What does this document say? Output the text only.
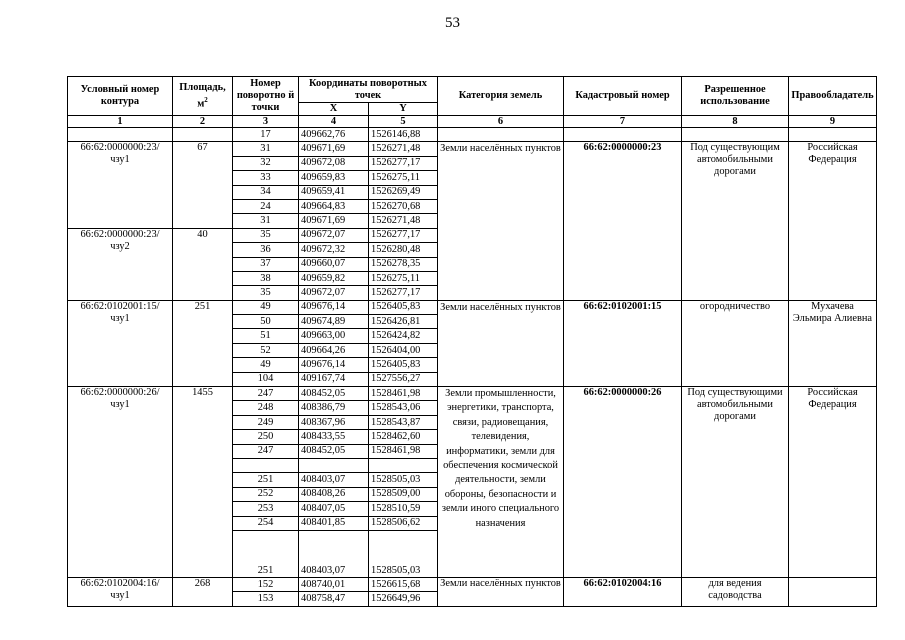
53
Условный номер контура	Площадь, $м^2$	Номер поворотно й точки	Координаты поворотных точек		Категория земель	Кадастровый номер	Разрешенное использование	Правообладатель
			X	Y				
1	2	3	4	5	6	7	8	9
		17	409662,76	1526146,88				
66:62:0000000:23/ чзу1	67	31	409671,69	1526271,48	Земли населённых пунктов	66:62:0000000:23	Под существующим автомобильными дорогами	Российская Федерация
		32	409672,08	1526277,17				
		33	409659,83	1526275,11				
		34	409659,41	1526269,49				
		24	409664,83	1526270,68				
		31	409671,69	1526271,48				
66:62:0000000:23/ чзу2	40	35	409672,07	1526277,17				
		36	409672,32	1526280,48				
		37	409660,07	1526278,35				
		38	409659,82	1526275,11				
		35	409672,07	1526277,17				
66:62:0102001:15/ чзу1	251	49	409676,14	1526405,83	Земли населённых пунктов	66:62:0102001:15	огородничество	Мухачева Эльмира Алиевна
		50	409674,89	1526426,81				
		51	409663,00	1526424,82				
		52	409664,26	1526404,00				
		49	409676,14	1526405,83				
		104	409167,74	1527556,27				
66:62:0000000:26/ чзу1	1455	247	408452,05	1528461,98	Земли промышленности, энергетики, транспорта, связи, радиовещания, телевидения, информатики, земли для обеспечения космической деятельности, земли обороны, безопасности и земли иного специального назначения	66:62:0000000:26	Под существующими автомобильными дорогами	Российская Федерация
		248	408386,79	1528543,06				
		249	408367,96	1528543,87				
		250	408433,55	1528462,60				
		247	408452,05	1528461,98				

		251	408403,07	1528505,03				
		252	408408,26	1528509,00				
		253	408407,05	1528510,59				
		254	408401,85	1528506,62				
		251	408403,07	1528505,03				
66:62:0102004:16/ чзу1	268	152	408740,01	1526615,68	Земли населённых пунктов	66:62:0102004:16	для ведения садоводства	
		153	408758,47	1526649,96				
